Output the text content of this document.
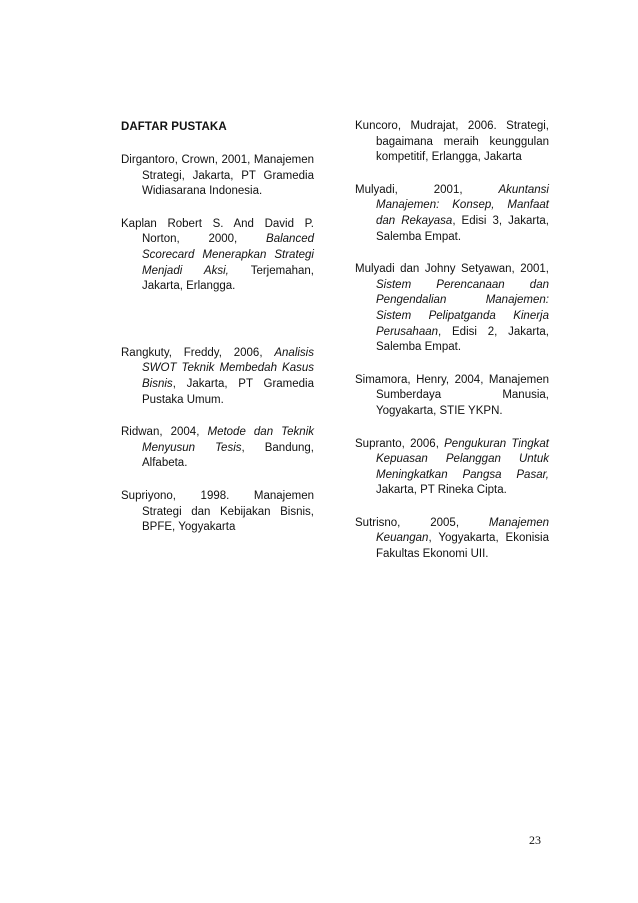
DAFTAR PUSTAKA

Dirgantoro, Crown, 2001, Manajemen Strategi, Jakarta, PT Gramedia Widiasarana Indonesia.

Kaplan Robert S. And David P. Norton, 2000, Balanced Scorecard Menerapkan Strategi Menjadi Aksi, Terjemahan, Jakarta, Erlangga.

Rangkuty, Freddy, 2006, Analisis SWOT Teknik Membedah Kasus Bisnis, Jakarta, PT Gramedia Pustaka Umum.

Ridwan, 2004, Metode dan Teknik Menyusun Tesis, Bandung, Alfabeta.

Supriyono, 1998. Manajemen Strategi dan Kebijakan Bisnis, BPFE, Yogyakarta

Kuncoro, Mudrajat, 2006. Strategi, bagaimana meraih keunggulan kompetitif, Erlangga, Jakarta

Mulyadi, 2001, Akuntansi Manajemen: Konsep, Manfaat dan Rekayasa, Edisi 3, Jakarta, Salemba Empat.

Mulyadi dan Johny Setyawan, 2001, Sistem Perencanaan dan Pengendalian Manajemen: Sistem Pelipatganda Kinerja Perusahaan, Edisi 2, Jakarta, Salemba Empat.

Simamora, Henry, 2004, Manajemen Sumberdaya Manusia, Yogyakarta, STIE YKPN.

Supranto, 2006, Pengukuran Tingkat Kepuasan Pelanggan Untuk Meningkatkan Pangsa Pasar, Jakarta, PT Rineka Cipta.

Sutrisno, 2005, Manajemen Keuangan, Yogyakarta, Ekonisia Fakultas Ekonomi UII.

23
